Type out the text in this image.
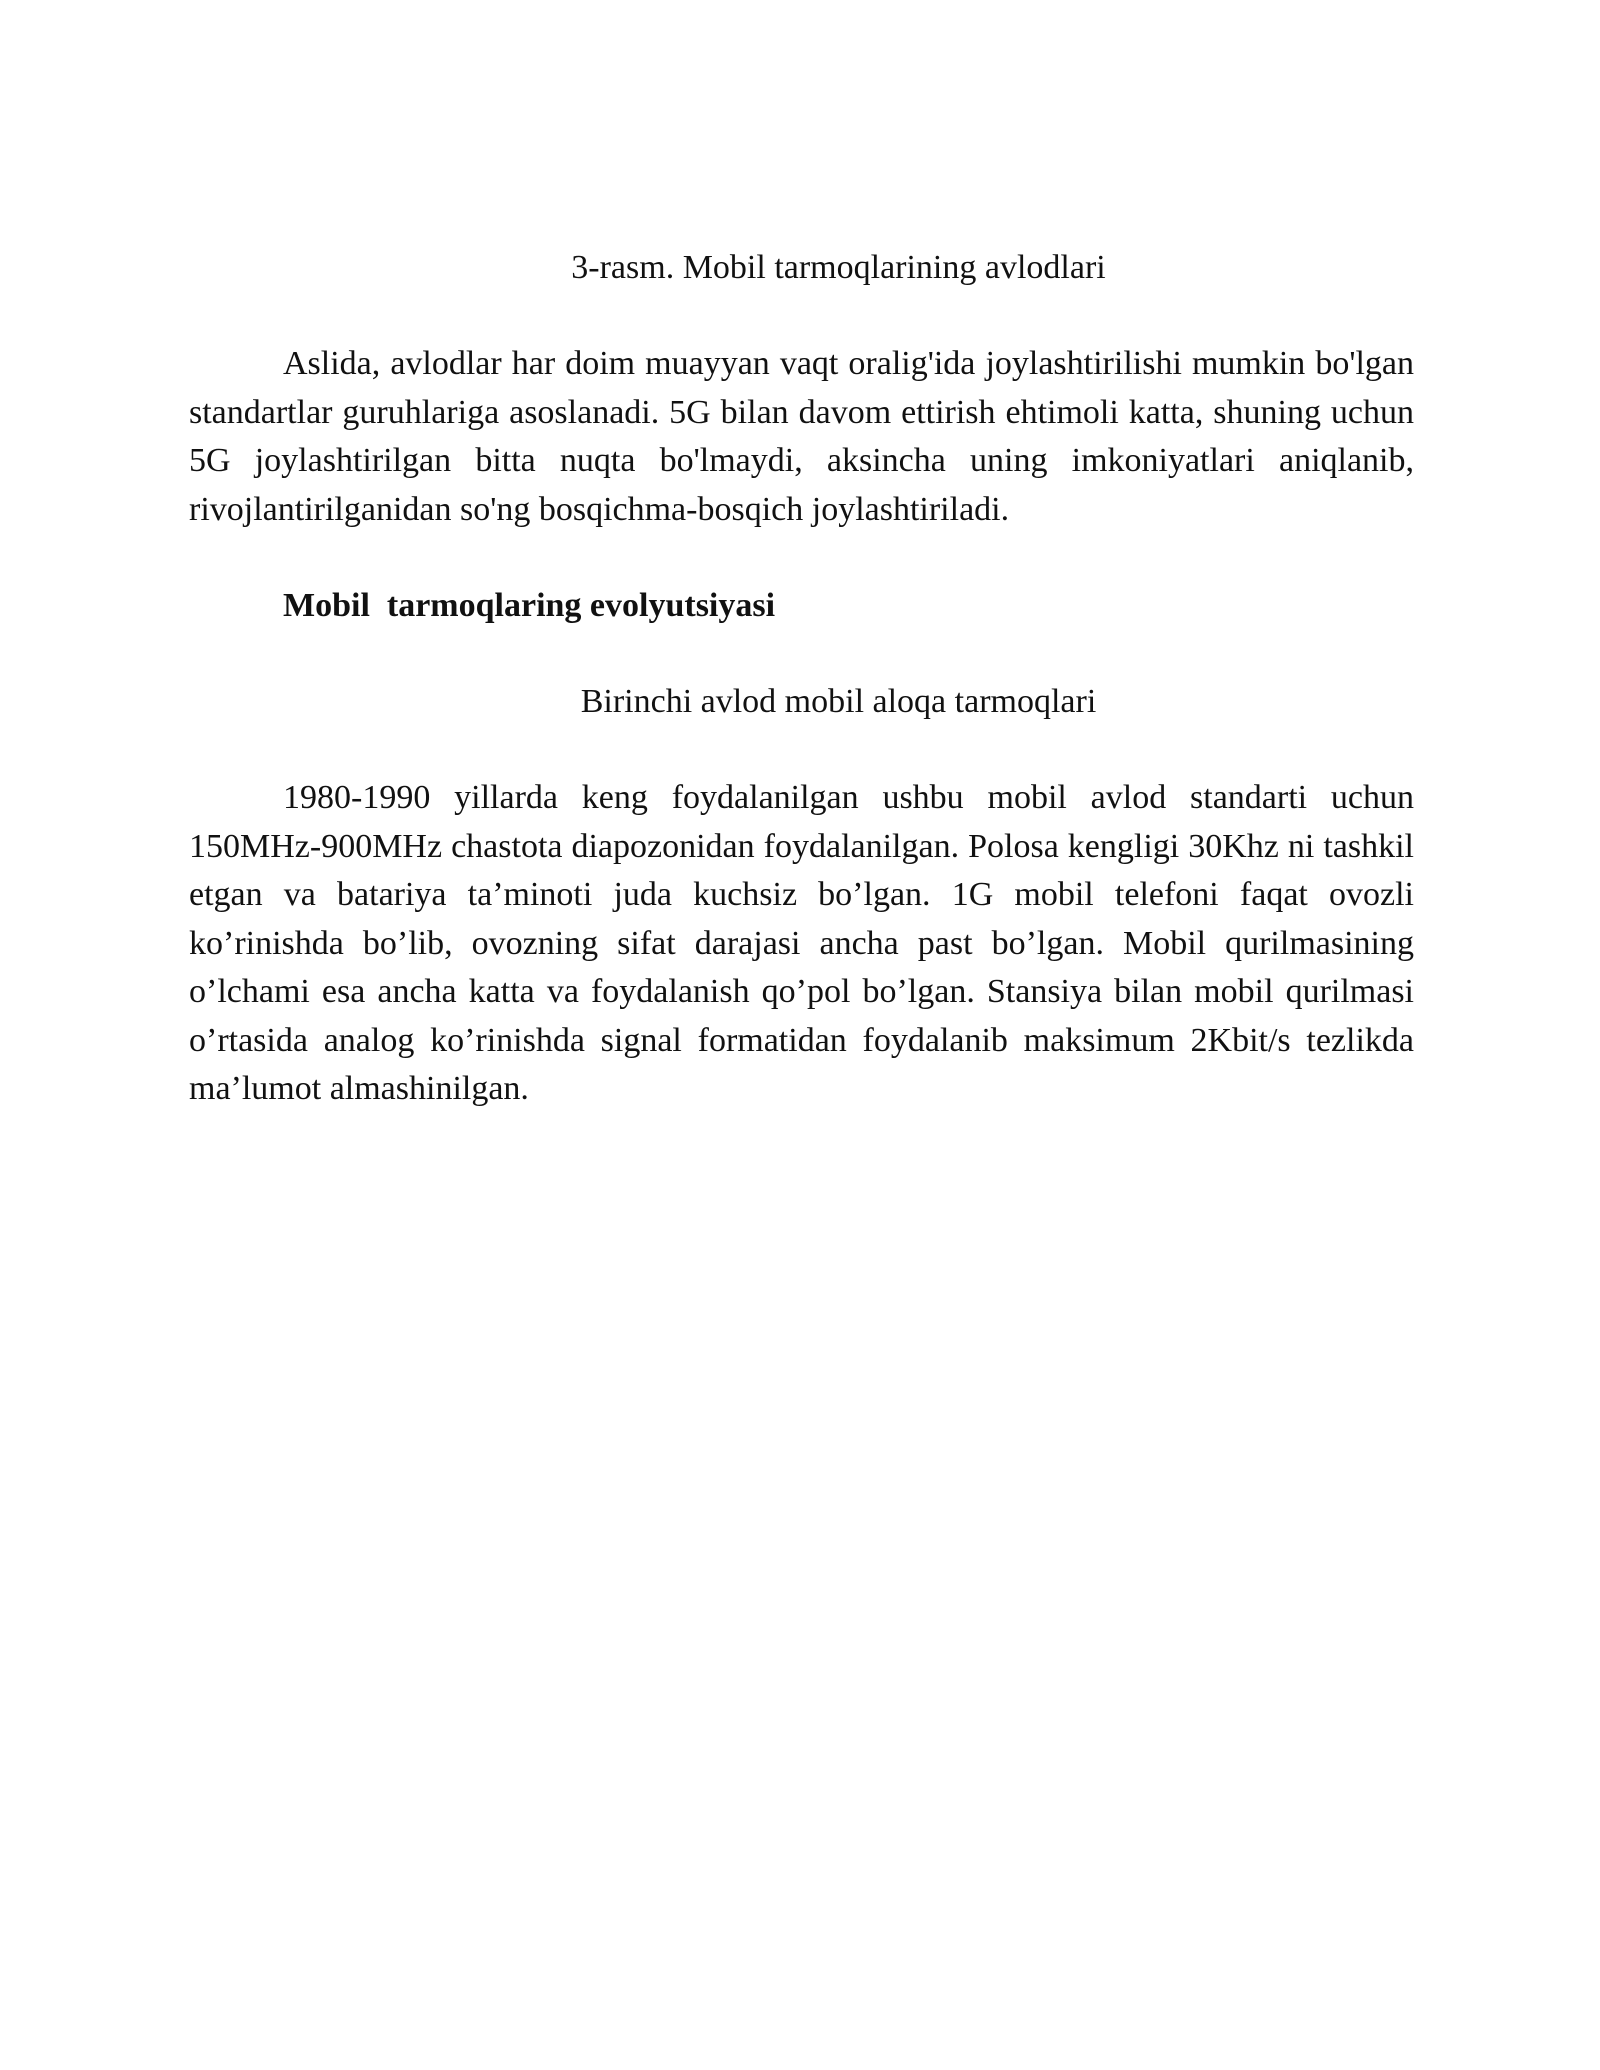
3-rasm. Mobil tarmoqlarining avlodlari

Aslida, avlodlar har doim muayyan vaqt oralig'ida joylashtirilishi mumkin bo'lgan standartlar guruhlariga asoslanadi. 5G bilan davom ettirish ehtimoli katta, shuning uchun 5G joylashtirilgan bitta nuqta bo'lmaydi, aksincha uning imkoniyatlari aniqlanib, rivojlantirilganidan so'ng bosqichma-bosqich joylashtiriladi.

Mobil  tarmoqlaring evolyutsiyasi

Birinchi avlod mobil aloqa tarmoqlari

1980-1990 yillarda keng foydalanilgan ushbu mobil avlod standarti uchun 150MHz-900MHz chastota diapozonidan foydalanilgan. Polosa kengligi 30Khz ni tashkil etgan va batariya ta’minoti juda kuchsiz bo’lgan. 1G mobil telefoni faqat ovozli ko’rinishda bo’lib, ovozning sifat darajasi ancha past bo’lgan. Mobil qurilmasining o’lchami esa ancha katta va foydalanish qo’pol bo’lgan. Stansiya bilan mobil qurilmasi o’rtasida analog ko’rinishda signal formatidan foydalanib maksimum 2Kbit/s tezlikda ma’lumot almashinilgan.
